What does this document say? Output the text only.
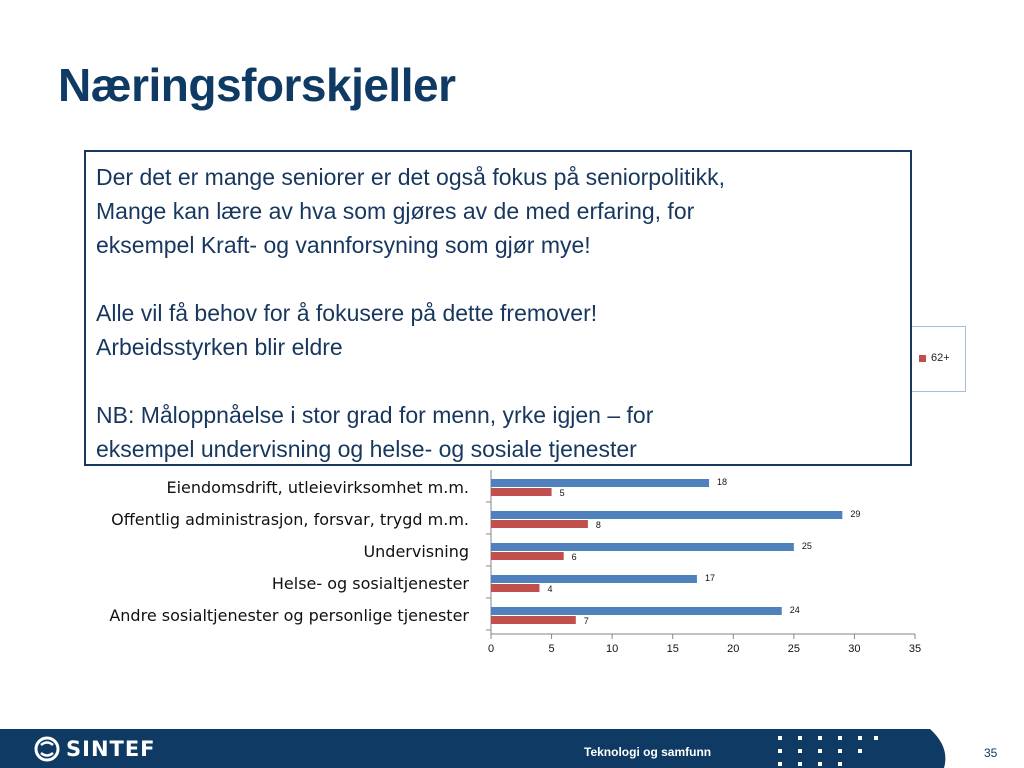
Næringsforskjeller
62+
0	5	10	15	20	25	30	35
Eiendomsdrift, utleievirksomhet m.m.
Offentlig administrasjon, forsvar, trygd m.m.
Undervisning
Helse- og sosialtjenester
Andre sosialtjenester og personlige tjenester
18
5
29
8
25
6
17
4
24
7

Der det er mange seniorer er det også fokus på seniorpolitikk,

Mange kan lære av hva som gjøres av de med erfaring, for

eksempel Kraft- og vannforsyning som gjør mye!

Alle vil få behov for å fokusere på dette fremover!

Arbeidsstyrken blir eldre

NB: Måloppnåelse i stor grad for menn, yrke igjen – for

eksempel undervisning og helse- og sosiale tjenester

SINTEF	Teknologi og samfunn	35
